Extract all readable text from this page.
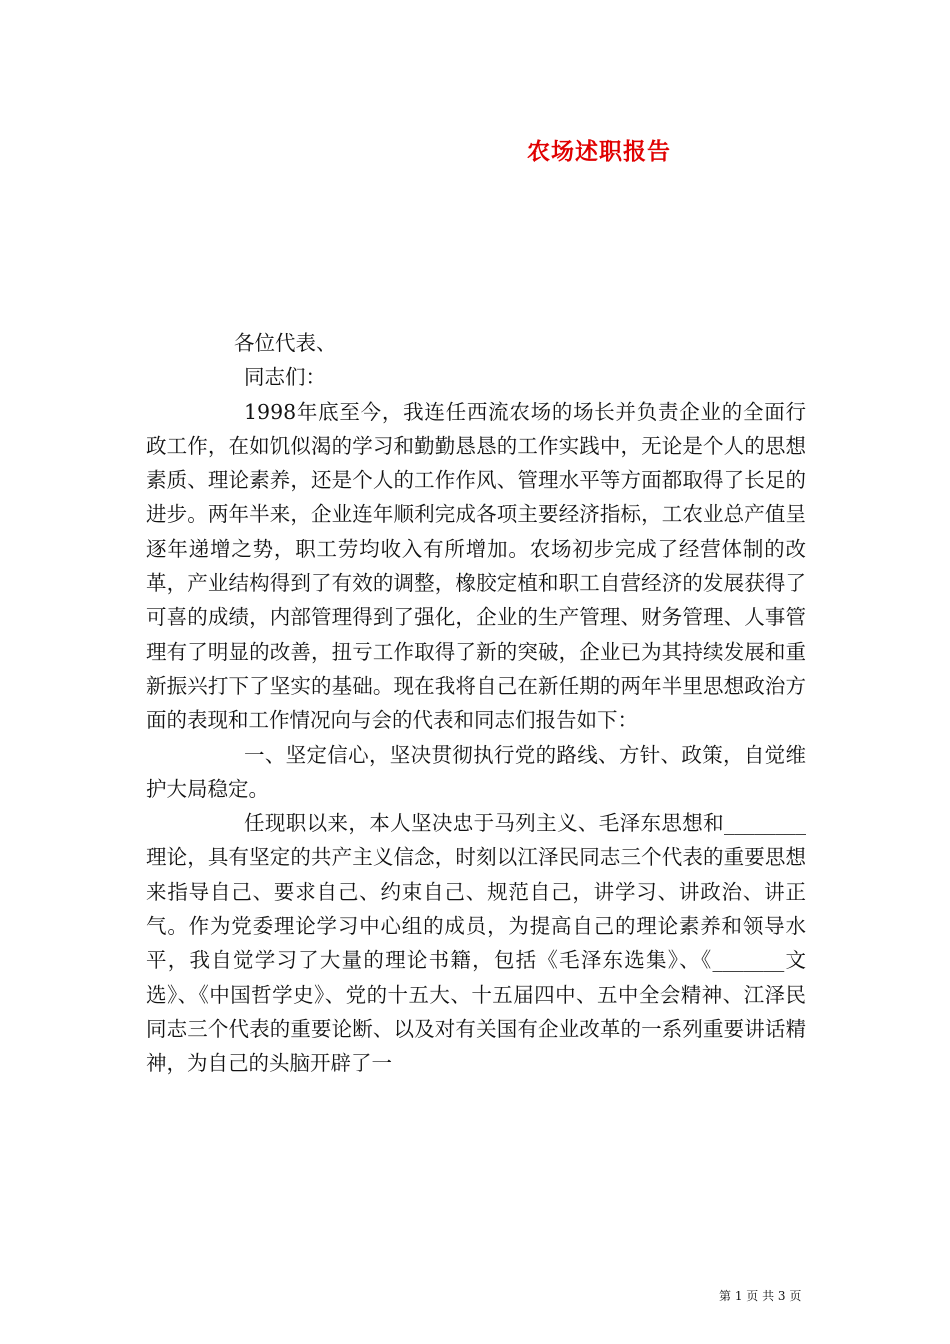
农场述职报告

各位代表、

同志们：

1998年底至今，我连任西流农场的场长并负责企业的全面行政工作，在如饥似渴的学习和勤勤恳恳的工作实践中，无论是个人的思想素质、理论素养，还是个人的工作作风、管理水平等方面都取得了长足的进步。两年半来，企业连年顺利完成各项主要经济指标，工农业总产值呈逐年递增之势，职工劳均收入有所增加。农场初步完成了经营体制的改革，产业结构得到了有效的调整，橡胶定植和职工自营经济的发展获得了可喜的成绩，内部管理得到了强化，企业的生产管理、财务管理、人事管理有了明显的改善，扭亏工作取得了新的突破，企业已为其持续发展和重新振兴打下了坚实的基础。现在我将自己在新任期的两年半里思想政治方面的表现和工作情况向与会的代表和同志们报告如下：

一、坚定信心，坚决贯彻执行党的路线、方针、政策，自觉维护大局稳定。

任现职以来，本人坚决忠于马列主义、毛泽东思想和________理论，具有坚定的共产主义信念，时刻以江泽民同志三个代表的重要思想来指导自己、要求自己、约束自己、规范自己，讲学习、讲政治、讲正气。作为党委理论学习中心组的成员，为提高自己的理论素养和领导水平，我自觉学习了大量的理论书籍，包括《毛泽东选集》、《_______文选》、《中国哲学史》、党的十五大、十五届四中、五中全会精神、江泽民同志三个代表的重要论断、以及对有关国有企业改革的一系列重要讲话精神，为自己的头脑开辟了一

第 1 页 共 3 页
